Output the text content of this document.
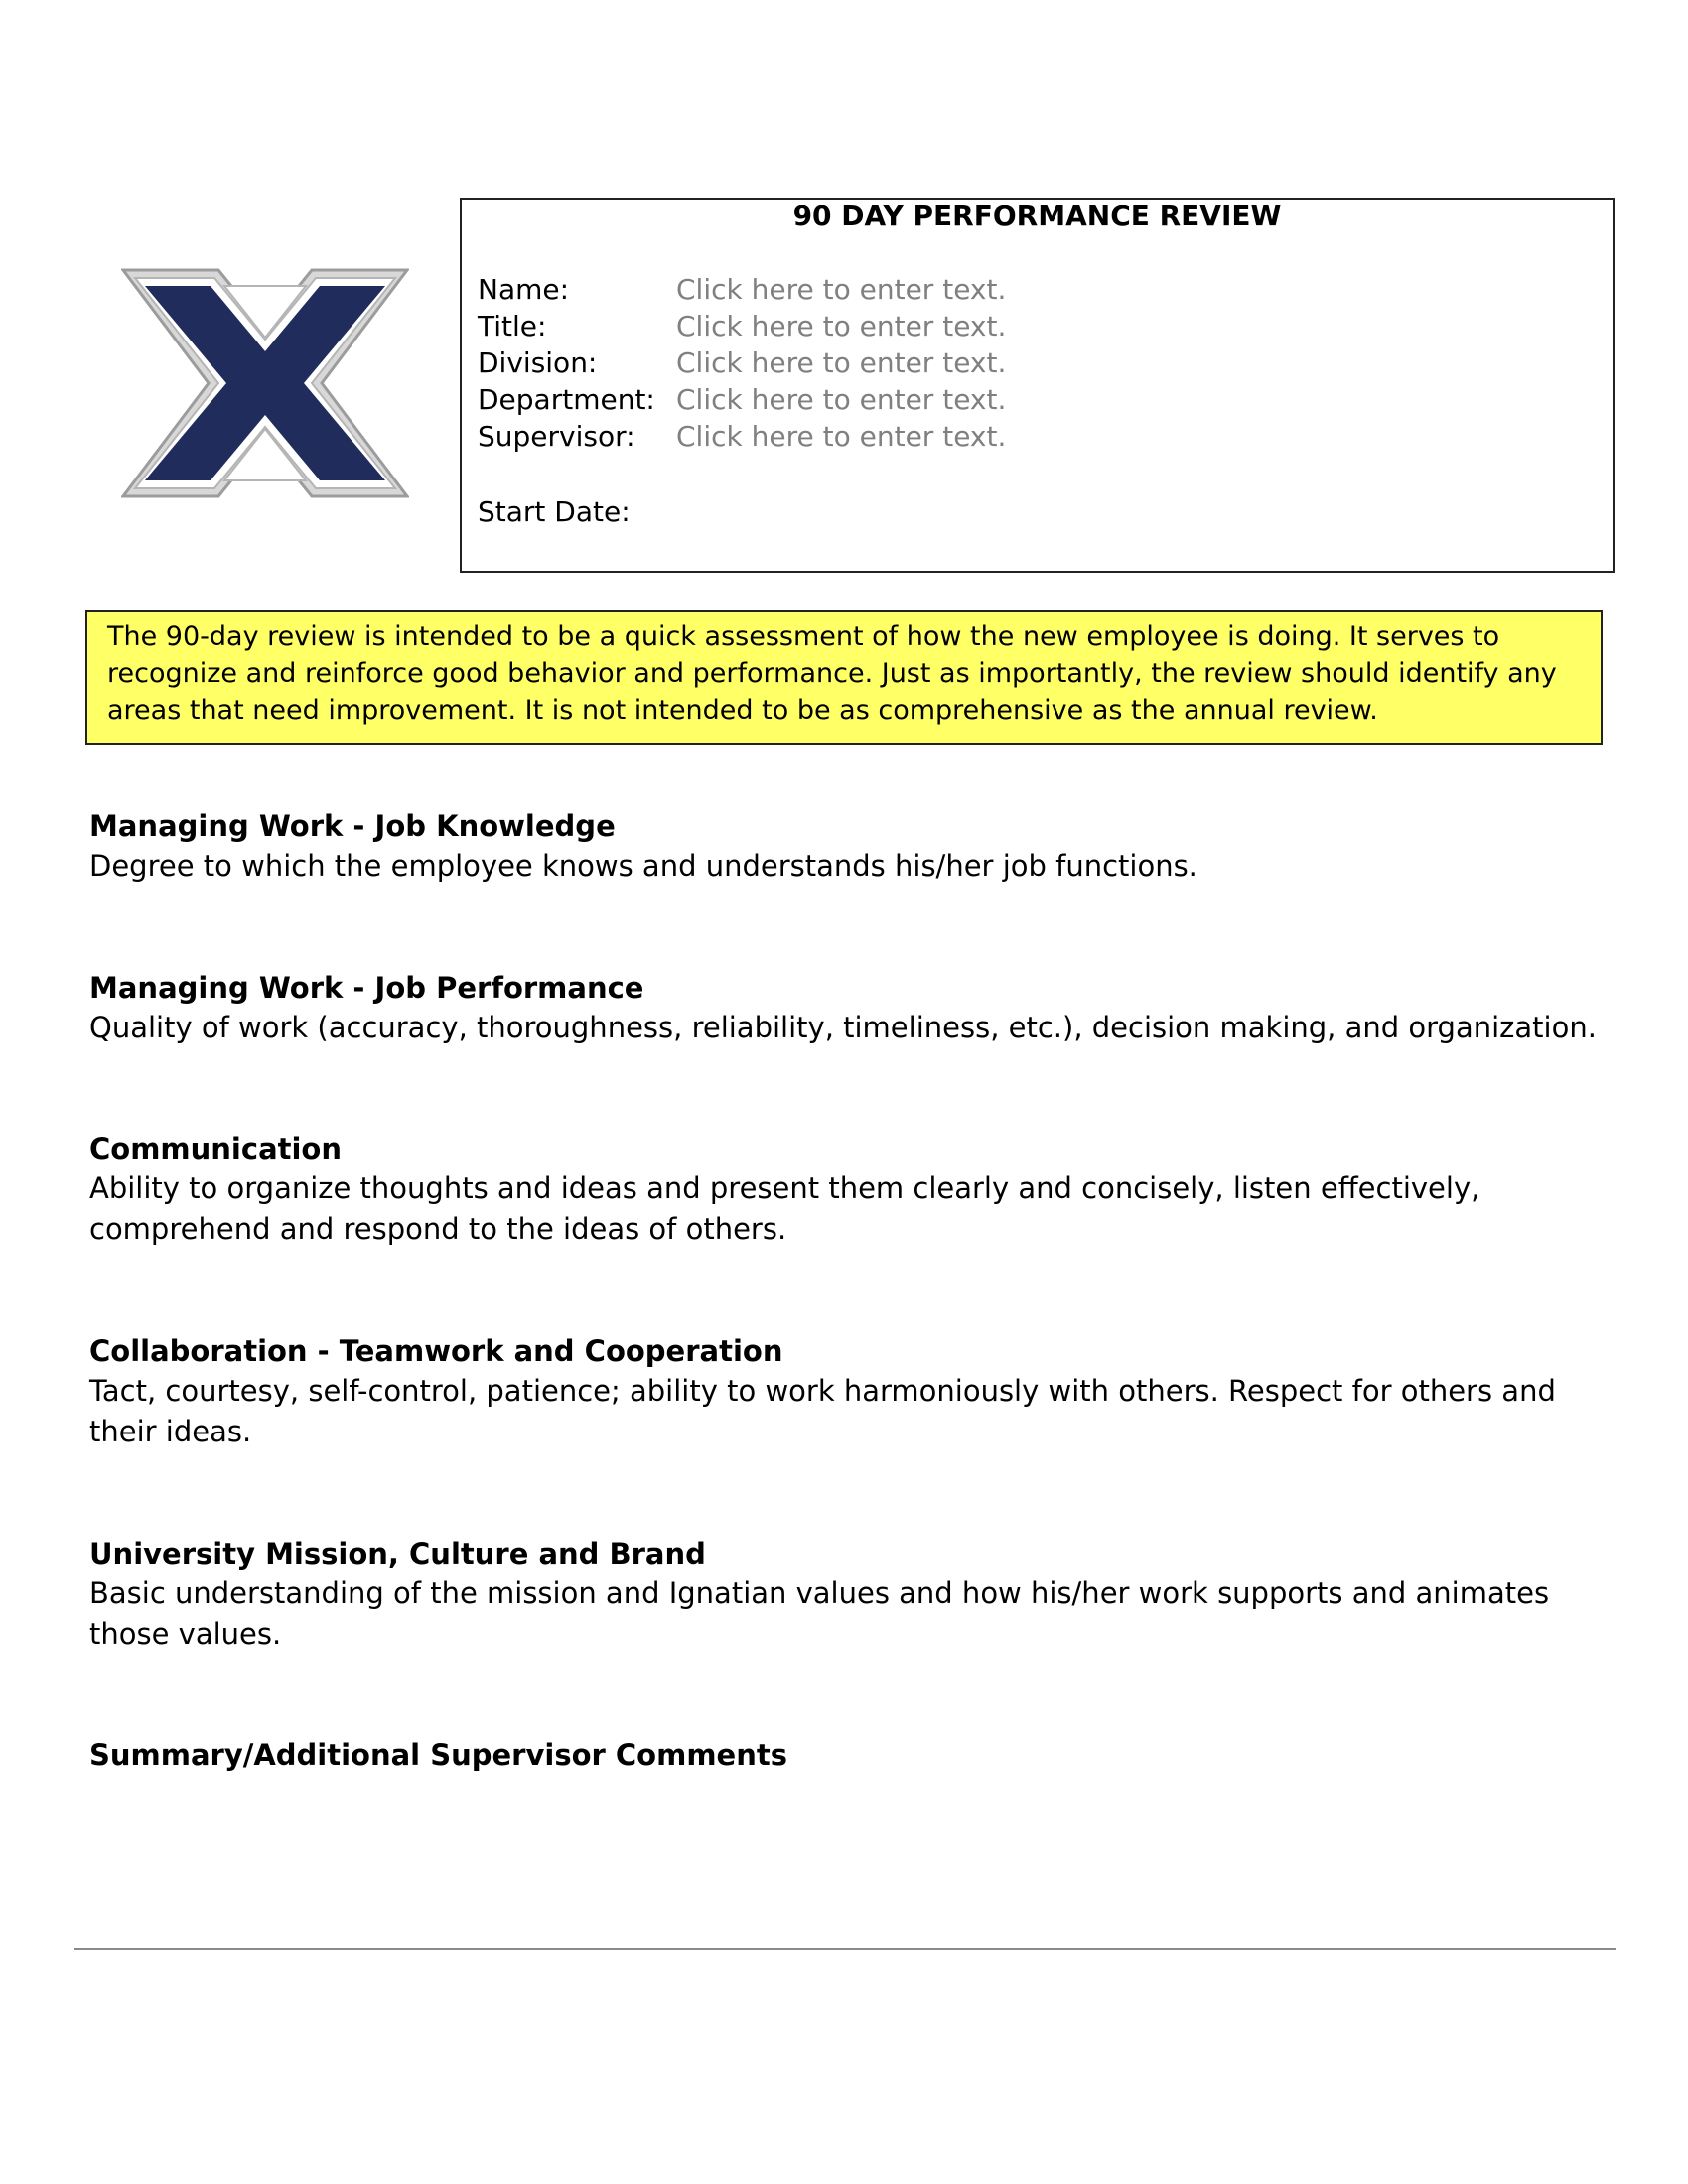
90 DAY PERFORMANCE REVIEW
Name:	Click here to enter text.
Title:	Click here to enter text.
Division:	Click here to enter text.
Department: Click here to enter text.
Supervisor:	Click here to enter text.
Start Date:
The 90-day review is intended to be a quick assessment of how the new employee is doing. It serves to recognize and reinforce good behavior and performance. Just as importantly, the review should identify any areas that need improvement. It is not intended to be as comprehensive as the annual review.
Managing Work - Job Knowledge
Degree to which the employee knows and understands his/her job functions.
Managing Work - Job Performance
Quality of work (accuracy, thoroughness, reliability, timeliness, etc.), decision making, and organization.
Communication
Ability to organize thoughts and ideas and present them clearly and concisely, listen effectively, comprehend and respond to the ideas of others.
Collaboration - Teamwork and Cooperation
Tact, courtesy, self-control, patience; ability to work harmoniously with others. Respect for others and their ideas.
University Mission, Culture and Brand
Basic understanding of the mission and Ignatian values and how his/her work supports and animates those values.
Summary/Additional Supervisor Comments
